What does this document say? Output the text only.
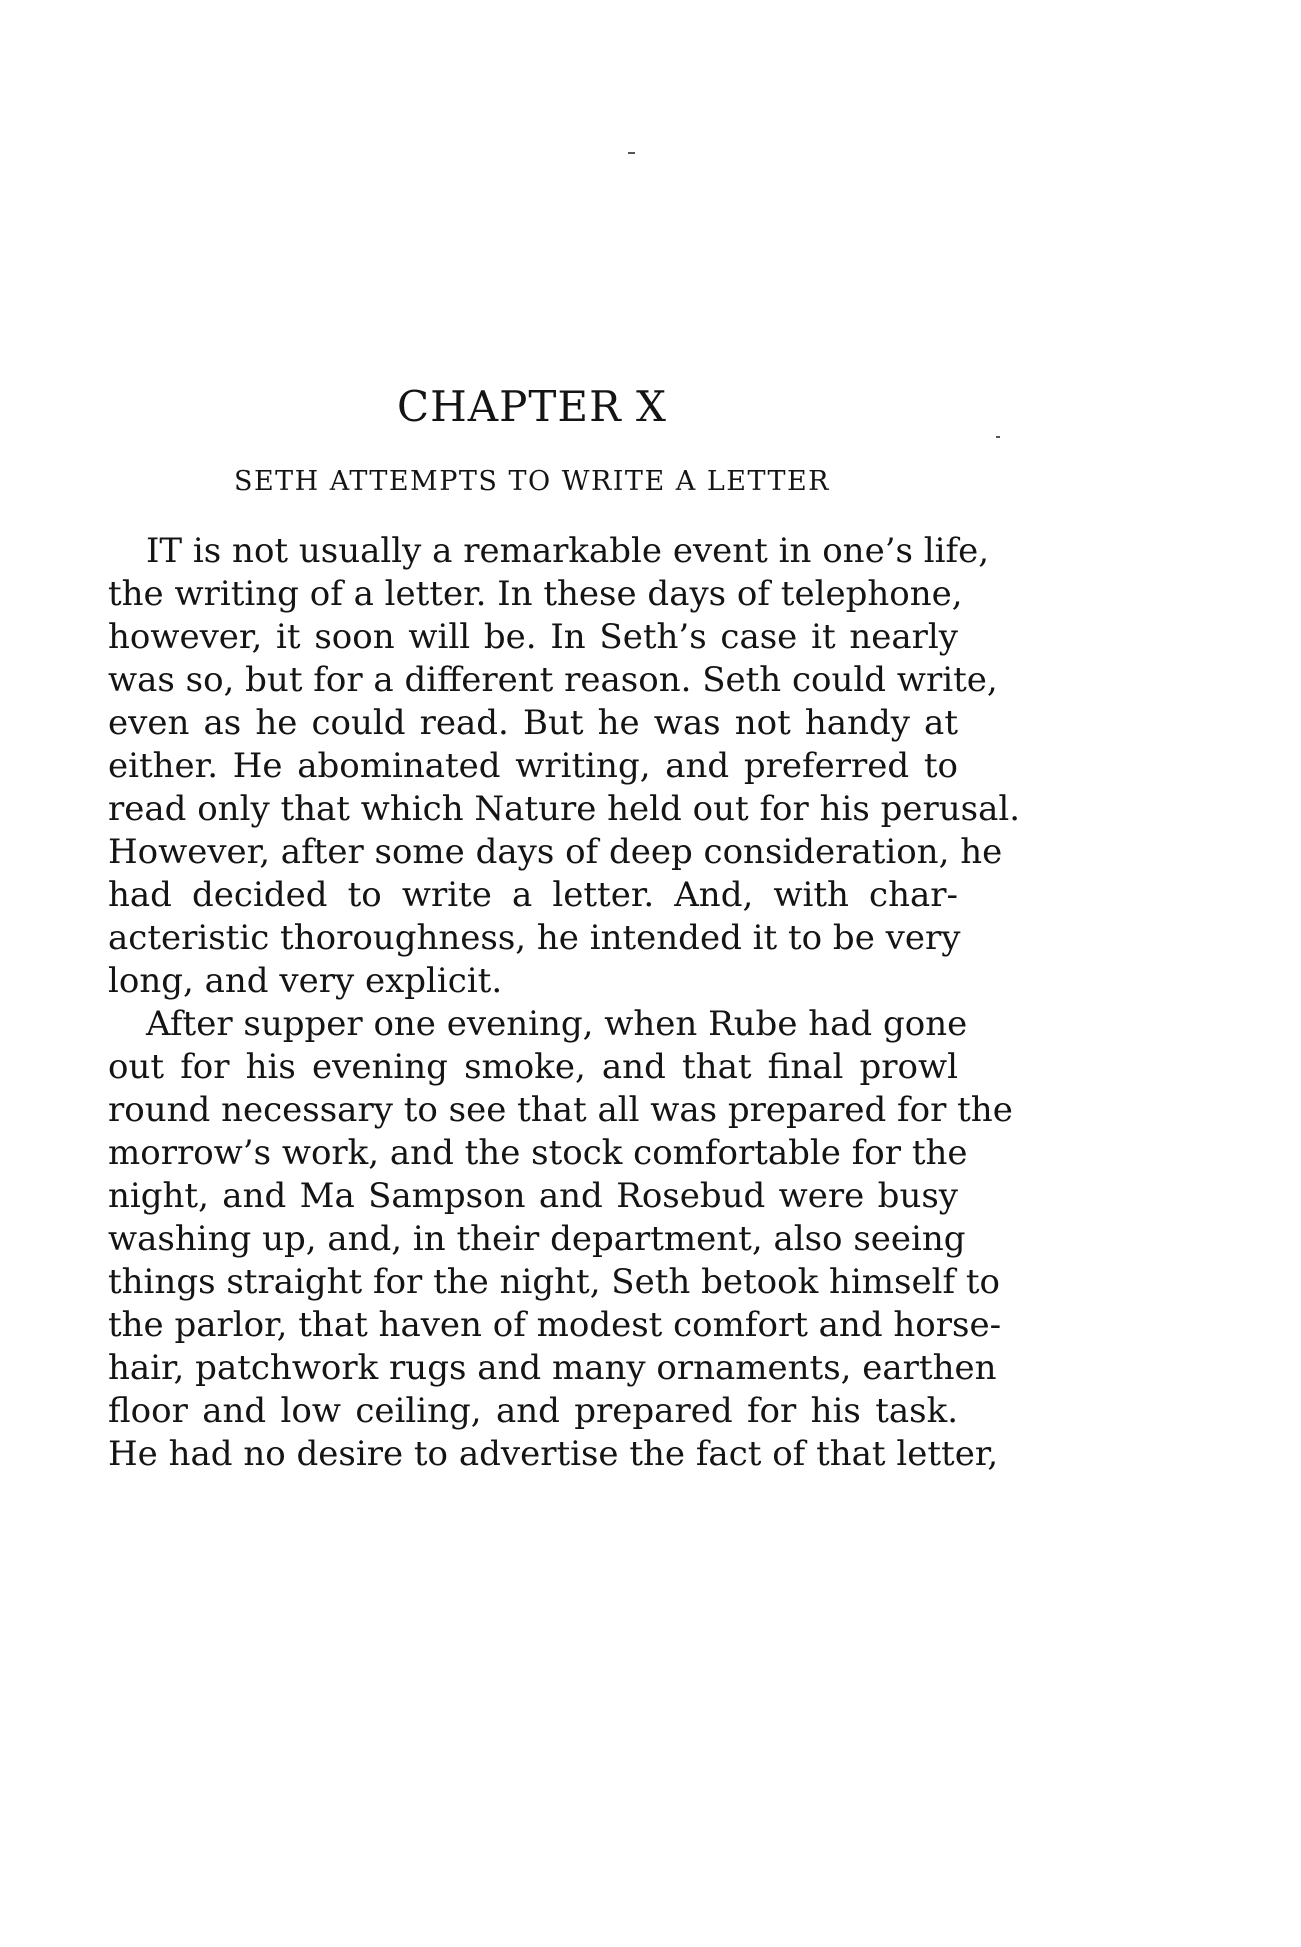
CHAPTER X
SETH ATTEMPTS TO WRITE A LETTER
IT is not usually a remarkable event in one’s life,
the writing of a letter. In these days of telephone,
however, it soon will be. In Seth’s case it nearly
was so, but for a different reason. Seth could write,
even as he could read. But he was not handy at
either. He abominated writing, and preferred to
read only that which Nature held out for his perusal.
However, after some days of deep consideration, he
had decided to write a letter. And, with char-
acteristic thoroughness, he intended it to be very
long, and very explicit.
After supper one evening, when Rube had gone
out for his evening smoke, and that final prowl
round necessary to see that all was prepared for the
morrow’s work, and the stock comfortable for the
night, and Ma Sampson and Rosebud were busy
washing up, and, in their department, also seeing
things straight for the night, Seth betook himself to
the parlor, that haven of modest comfort and horse-
hair, patchwork rugs and many ornaments, earthen
floor and low ceiling, and prepared for his task.
He had no desire to advertise the fact of that letter,
